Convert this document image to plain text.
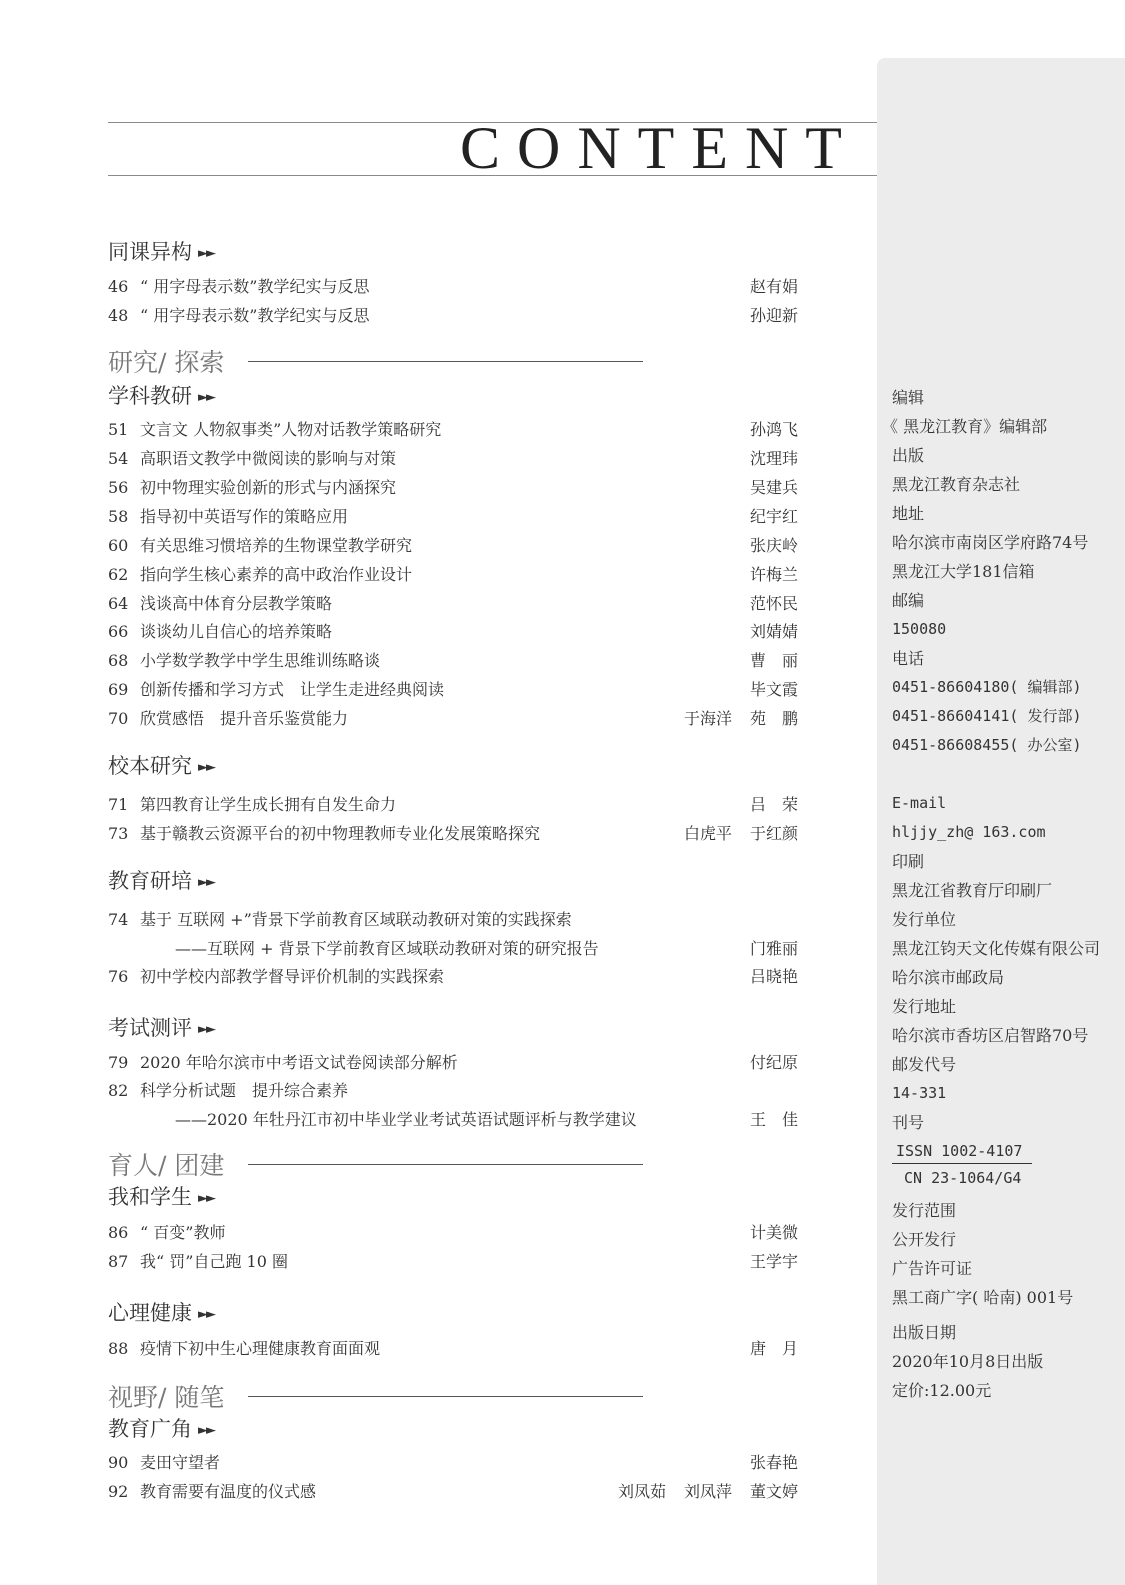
CONTENT
同课异构 ►►
46 “ 用字母表示数”教学纪实与反思	赵有娟
48 “ 用字母表示数”教学纪实与反思	孙迎新
研究∕ 探索
学科教研 ►►
51 文言文 人物叙事类”人物对话教学策略研究	孙鸿飞
54 高职语文教学中微阅读的影响与对策	沈理玮
56 初中物理实验创新的形式与内涵探究	吴建兵
58 指导初中英语写作的策略应用	纪宇红
60 有关思维习惯培养的生物课堂教学研究	张庆岭
62 指向学生核心素养的高中政治作业设计	许梅兰
64 浅谈高中体育分层教学策略	范怀民
66 谈谈幼儿自信心的培养策略	刘婧婧
68 小学数学教学中学生思维训练略谈	曹　丽
69 创新传播和学习方式　让学生走进经典阅读	毕文霞
70 欣赏感悟　提升音乐鉴赏能力	于海洋 苑　鹏
校本研究 ►►
71 第四教育让学生成长拥有自发生命力	吕　荣
73 基于赣教云资源平台的初中物理教师专业化发展策略探究	白虎平 于红颜
教育研培 ►►
74 基于 互联网 +”背景下学前教育区域联动教研对策的实践探索
——互联网 + 背景下学前教育区域联动教研对策的研究报告	门雅丽
76 初中学校内部教学督导评价机制的实践探索	吕晓艳
考试测评 ►►
79 2020 年哈尔滨市中考语文试卷阅读部分解析	付纪原
82 科学分析试题　提升综合素养
——2020 年牡丹江市初中毕业学业考试英语试题评析与教学建议	王　佳
育人∕ 团建
我和学生 ►►
86 “ 百变”教师	计美微
87 我“ 罚”自己跑 10 圈	王学宇
心理健康 ►►
88 疫情下初中生心理健康教育面面观	唐　月
视野∕ 随笔
教育广角 ►►
90 麦田守望者	张春艳
92 教育需要有温度的仪式感	刘凤茹 刘凤萍 董文婷
编辑
《 黑龙江教育》编辑部
出版
黑龙江教育杂志社
地址
哈尔滨市南岗区学府路74号
黑龙江大学181信箱
邮编
150080
电话
0451-86604180( 编辑部)
0451-86604141( 发行部)
0451-86608455( 办公室)
E-mail
hljjy_zh@ 163.com
印刷
黑龙江省教育厅印刷厂
发行单位
黑龙江钧天文化传媒有限公司
哈尔滨市邮政局
发行地址
哈尔滨市香坊区启智路70号
邮发代号
14-331
刊号
ISSN 1002-4107
CN 23-1064/G4
发行范围
公开发行
广告许可证
黑工商广字( 哈南) 001号
出版日期
2020年10月8日出版
定价:12.00元
